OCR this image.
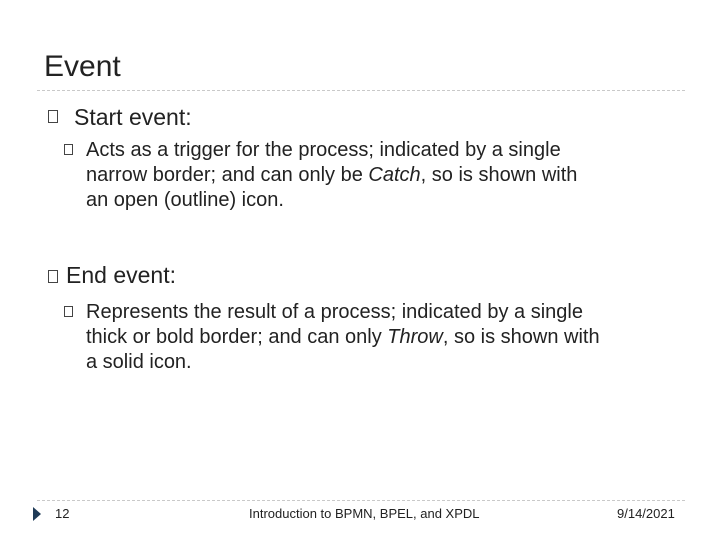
Event
Start event:
Acts as a trigger for the process; indicated by a single
narrow border; and can only be Catch, so is shown with
an open (outline) icon.
End event:
Represents the result of a process; indicated by a single
thick or bold border; and can only Throw, so is shown with
a solid icon.
12	Introduction to BPMN, BPEL, and XPDL	9/14/2021
